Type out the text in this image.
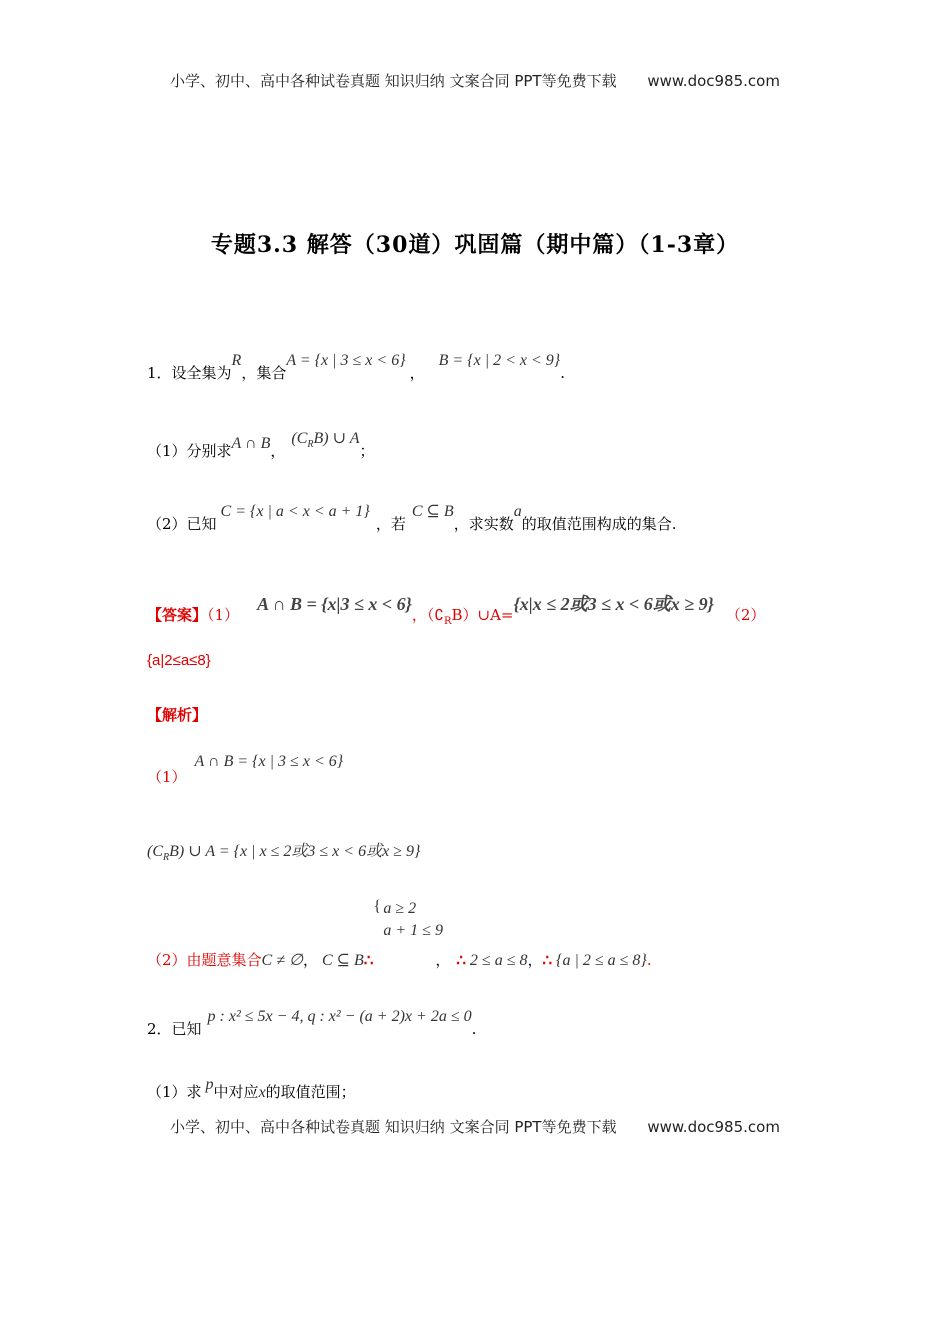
小学、初中、高中各种试卷真题 知识归纳 文案合同 PPT等免费下载 www.doc985.com
专题3.3 解答（30道）巩固篇（期中篇）（1-3章）
1．设全集为R，集合A = {x | 3 ≤ x < 6}，B = {x | 2 < x < 9}.
（1）分别求A ∩ B，$(C_RB)$ ∪ A；
（2）已知C = {x | a < x < a + 1}，若C ⊆ B，求实数a的取值范围构成的集合.
【答案】（1）A ∩ B = {x|3 ≤ x < 6}，$(∁_RB)\cup A=\{x|x \le 2$或3 ≤ x < 6或x ≥ 9}（2）
{a|2≤a≤8}
【解析】
（1）A ∩ B = {x | 3 ≤ x < 6}
$(C_RB)$ ∪ A = {x | x ≤ 2或3 ≤ x < 6或x ≥ 9}
（2）由题意集合C ≠ ∅， C ⊆ B∴
{ a ≥ 2
a + 1 ≤ 9
， ∴ 2 ≤ a ≤ 8，∴ {a | 2 ≤ a ≤ 8}.
2．已知p : x² ≤ 5x − 4, q : x² − (a + 2)x + 2a ≤ 0.
（1）求 p中对应x的取值范围；
小学、初中、高中各种试卷真题 知识归纳 文案合同 PPT等免费下载 www.doc985.com
